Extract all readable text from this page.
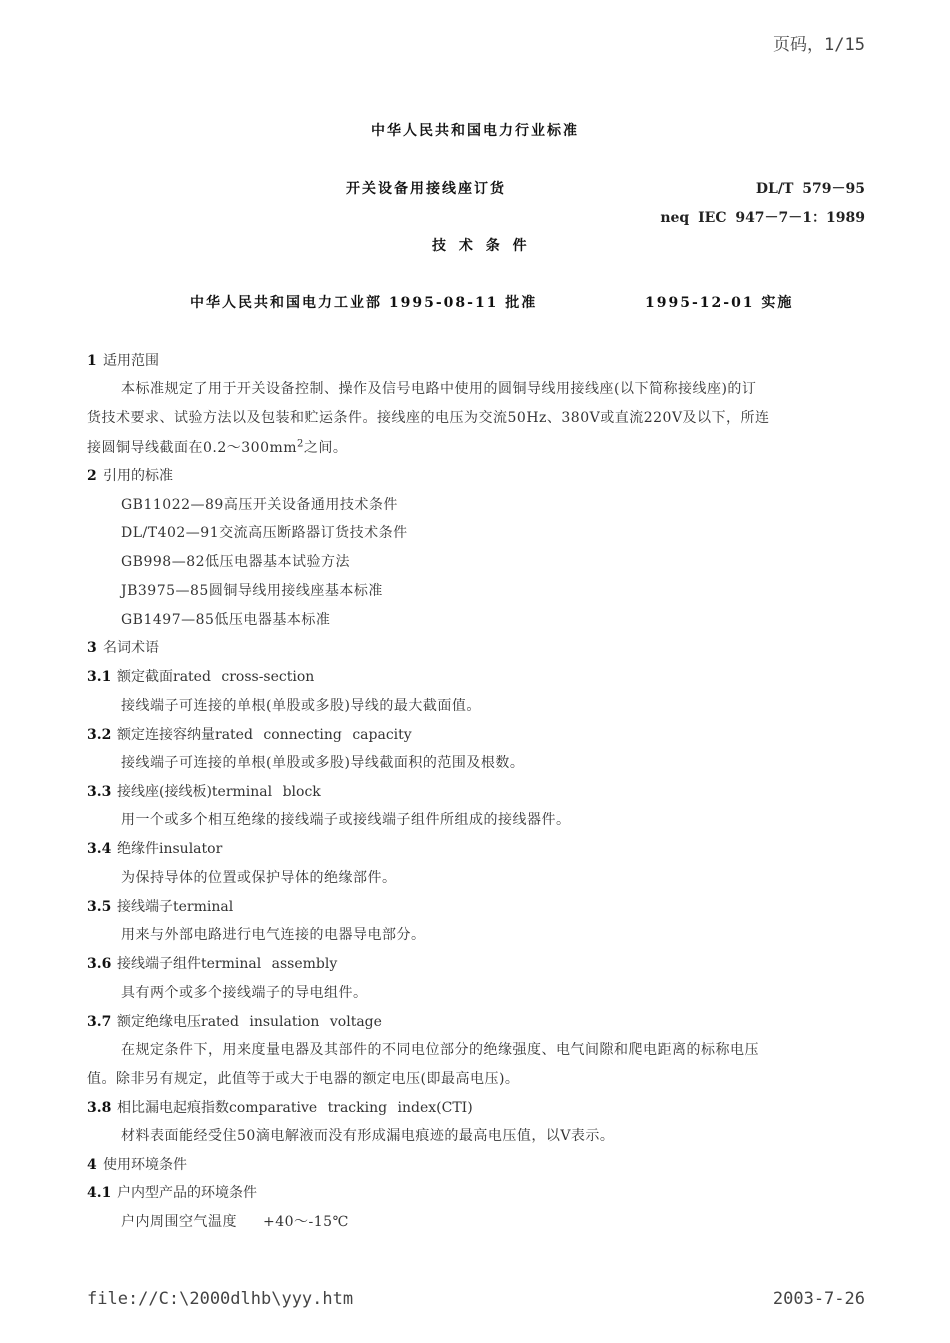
页码，1/15
中华人民共和国电力行业标准
开关设备用接线座订货	DL/T 579－95
neq IEC 947－7－1：1989
技 术 条 件
中华人民共和国电力工业部 1995-08-11 批准	1995-12-01 实施
1 适用范围
本标准规定了用于开关设备控制、操作及信号电路中使用的圆铜导线用接线座(以下简称接线座)的订
货技术要求、试验方法以及包装和贮运条件。接线座的电压为交流50Hz、380V或直流220V及以下，所连
接圆铜导线截面在$0.2\sim 300mm^2$之间。
2 引用的标准
GB11022—89高压开关设备通用技术条件
DL/T402—91交流高压断路器订货技术条件
GB998—82低压电器基本试验方法
JB3975—85圆铜导线用接线座基本标准
GB1497—85低压电器基本标准
3 名词术语
3.1 额定截面rated cross-section
接线端子可连接的单根(单股或多股)导线的最大截面值。
3.2 额定连接容纳量rated connecting capacity
接线端子可连接的单根(单股或多股)导线截面积的范围及根数。
3.3 接线座(接线板)terminal block
用一个或多个相互绝缘的接线端子或接线端子组件所组成的接线器件。
3.4 绝缘件insulator
为保持导体的位置或保护导体的绝缘部件。
3.5 接线端子terminal
用来与外部电路进行电气连接的电器导电部分。
3.6 接线端子组件terminal assembly
具有两个或多个接线端子的导电组件。
3.7 额定绝缘电压rated insulation voltage
在规定条件下，用来度量电器及其部件的不同电位部分的绝缘强度、电气间隙和爬电距离的标称电压
值。除非另有规定，此值等于或大于电器的额定电压(即最高电压)。
3.8 相比漏电起痕指数comparative tracking index(CTI)
材料表面能经受住50滴电解液而没有形成漏电痕迹的最高电压值，以V表示。
4 使用环境条件
4.1 户内型产品的环境条件
户内周围空气温度 +40～-15℃
file://C:\2000dlhb\yyy.htm	2003-7-26
